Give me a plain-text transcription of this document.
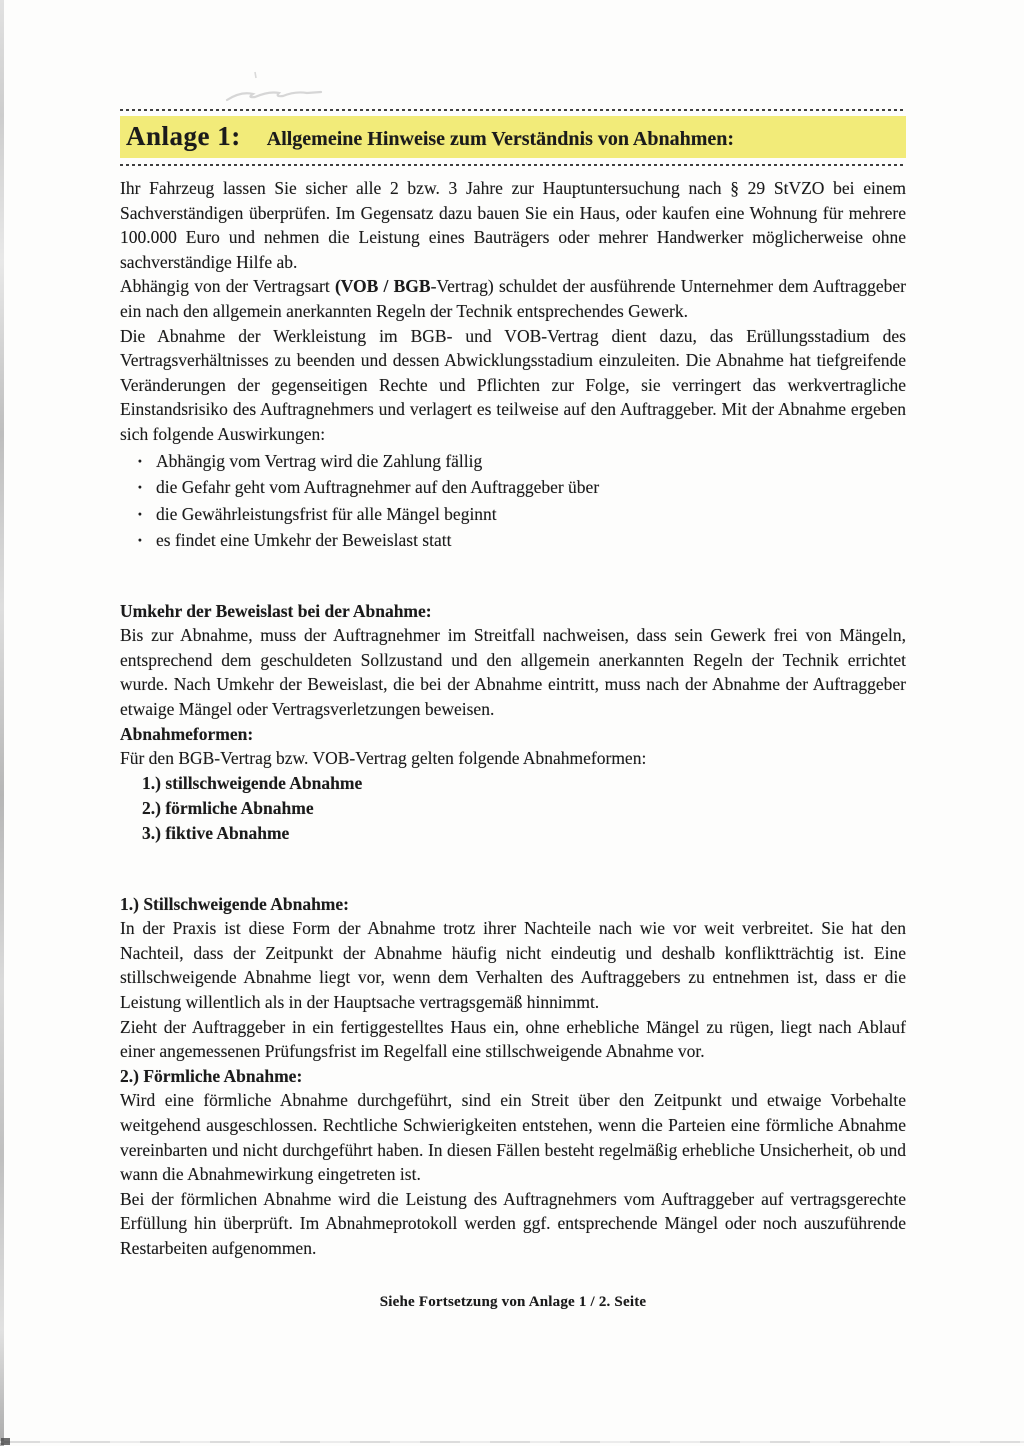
Anlage 1: Allgemeine Hinweise zum Verständnis von Abnahmen:

Ihr Fahrzeug lassen Sie sicher alle 2 bzw. 3 Jahre zur Hauptuntersuchung nach § 29 StVZO bei einem Sachverständigen überprüfen. Im Gegensatz dazu bauen Sie ein Haus, oder kaufen eine Wohnung für mehrere 100.000 Euro und nehmen die Leistung eines Bauträgers oder mehrer Handwerker möglicherweise ohne sachverständige Hilfe ab.

Abhängig von der Vertragsart (VOB / BGB-Vertrag) schuldet der ausführende Unternehmer dem Auftraggeber ein nach den allgemein anerkannten Regeln der Technik entsprechendes Gewerk.

Die Abnahme der Werkleistung im BGB- und VOB-Vertrag dient dazu, das Erüllungsstadium des Vertragsverhältnisses zu beenden und dessen Abwicklungsstadium einzuleiten. Die Abnahme hat tiefgreifende Veränderungen der gegenseitigen Rechte und Pflichten zur Folge, sie verringert das werkvertragliche Einstandsrisiko des Auftragnehmers und verlagert es teilweise auf den Auftraggeber. Mit der Abnahme ergeben sich folgende Auswirkungen:

· Abhängig vom Vertrag wird die Zahlung fällig
· die Gefahr geht vom Auftragnehmer auf den Auftraggeber über
· die Gewährleistungsfrist für alle Mängel beginnt
· es findet eine Umkehr der Beweislast statt
Umkehr der Beweislast bei der Abnahme:

Bis zur Abnahme, muss der Auftragnehmer im Streitfall nachweisen, dass sein Gewerk frei von Mängeln, entsprechend dem geschuldeten Sollzustand und den allgemein anerkannten Regeln der Technik errichtet wurde. Nach Umkehr der Beweislast, die bei der Abnahme eintritt, muss nach der Abnahme der Auftraggeber etwaige Mängel oder Vertragsverletzungen beweisen.

Abnahmeformen:

Für den BGB-Vertrag bzw. VOB-Vertrag gelten folgende Abnahmeformen:

1.) stillschweigende Abnahme
2.) förmliche Abnahme
3.) fiktive Abnahme
1.) Stillschweigende Abnahme:

In der Praxis ist diese Form der Abnahme trotz ihrer Nachteile nach wie vor weit verbreitet. Sie hat den Nachteil, dass der Zeitpunkt der Abnahme häufig nicht eindeutig und deshalb konfliktträchtig ist. Eine stillschweigende Abnahme liegt vor, wenn dem Verhalten des Auftraggebers zu entnehmen ist, dass er die Leistung willentlich als in der Hauptsache vertragsgemäß hinnimmt.

Zieht der Auftraggeber in ein fertiggestelltes Haus ein, ohne erhebliche Mängel zu rügen, liegt nach Ablauf einer angemessenen Prüfungsfrist im Regelfall eine stillschweigende Abnahme vor.

2.) Förmliche Abnahme:

Wird eine förmliche Abnahme durchgeführt, sind ein Streit über den Zeitpunkt und etwaige Vorbehalte weitgehend ausgeschlossen. Rechtliche Schwierigkeiten entstehen, wenn die Parteien eine förmliche Abnahme vereinbarten und nicht durchgeführt haben. In diesen Fällen besteht regelmäßig erhebliche Unsicherheit, ob und wann die Abnahmewirkung eingetreten ist.

Bei der förmlichen Abnahme wird die Leistung des Auftragnehmers vom Auftraggeber auf vertragsgerechte Erfüllung hin überprüft. Im Abnahmeprotokoll werden ggf. entsprechende Mängel oder noch auszuführende Restarbeiten aufgenommen.

Siehe Fortsetzung von Anlage 1 / 2. Seite
